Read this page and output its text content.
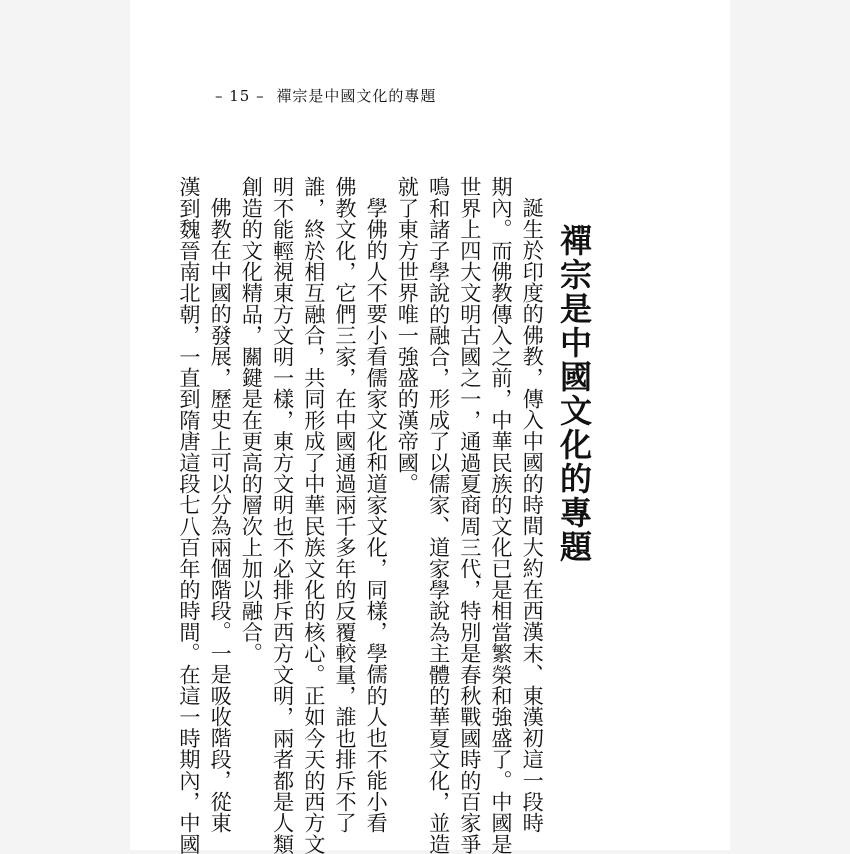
– 15 – 禪宗是中國文化的專題
禪宗是中國文化的專題
誕生於印度的佛教，傳入中國的時間大約在西漢末、東漢初這一段時
期內。而佛教傳入之前，中華民族的文化已是相當繁榮和強盛了。中國是
世界上四大文明古國之一，通過夏商周三代，特別是春秋戰國時的百家爭
鳴和諸子學說的融合，形成了以儒家、道家學說為主體的華夏文化，並造
就了東方世界唯一強盛的漢帝國。
學佛的人不要小看儒家文化和道家文化，同樣，學儒的人也不能小看
佛教文化，它們三家，在中國通過兩千多年的反覆較量，誰也排斥不了
誰，終於相互融合，共同形成了中華民族文化的核心。正如今天的西方文
明不能輕視東方文明一樣，東方文明也不必排斥西方文明，兩者都是人類
創造的文化精品，關鍵是在更高的層次上加以融合。
佛教在中國的發展，歷史上可以分為兩個階段。一是吸收階段，從東
漢到魏晉南北朝，一直到隋唐這段七八百年的時間。在這一時期內，中國
